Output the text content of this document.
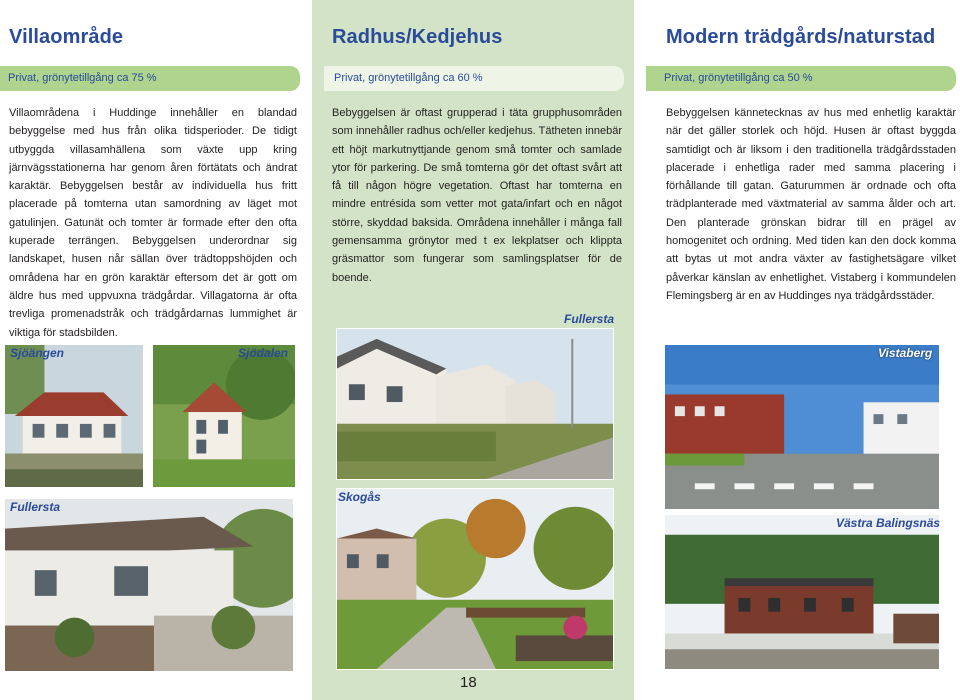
Villaområde
Privat, grönytetillgång ca 75 %

Villaområdena i Huddinge innehåller en blandad bebyggelse med hus från olika tidsperioder. De tidigt utbyggda villasamhällena som växte upp kring järnvägsstationerna har genom åren förtätats och ändrat karaktär. Bebyggelsen består av individuella hus fritt placerade på tomterna utan samordning av läget mot gatulinjen. Gatunät och tomter är formade efter den ofta kuperade terrängen. Bebyggelsen underordnar sig landskapet, husen når sällan över trädtoppshöjden och områdena har en grön karaktär eftersom det är gott om äldre hus med uppvuxna trädgårdar. Villagatorna är ofta trevliga promenadstråk och trädgårdarnas lummighet är viktiga för stadsbilden.

Radhus/Kedjehus
Privat, grönytetillgång ca 60 %

Bebyggelsen är oftast grupperad i täta grupphusområden som innehåller radhus och/eller kedjehus. Tätheten innebär ett höjt markutnyttjande genom små tomter och samlade ytor för parkering. De små tomterna gör det oftast svårt att få till någon högre vegetation. Oftast har tomterna en mindre entrésida som vetter mot gata/infart och en något större, skyddad baksida. Områdena innehåller i många fall gemensamma grönytor med t ex lekplatser och klippta gräsmattor som fungerar som samlingsplatser för de boende.

Modern trädgårds/naturstad
Privat, grönytetillgång ca 50 %

Bebyggelsen kännetecknas av hus med enhetlig karaktär när det gäller storlek och höjd. Husen är oftast byggda samtidigt och är liksom i den traditionella trädgårdsstaden placerade i enhetliga rader med samma placering i förhållande till gatan. Gaturummen är ordnade och ofta trädplanterade med växtmaterial av samma ålder och art. Den planterade grönskan bidrar till en prägel av homogenitet och ordning. Med tiden kan den dock komma att bytas ut mot andra växter av fastighetsägare vilket påverkar känslan av enhetlighet. Vistaberg i kommundelen Flemingsberg är en av Huddinges nya trädgårdsstäder.

Sjöängen	Sjödalen
Fullersta
Fullersta
Skogås
Vistaberg
Västra Balingsnäs
18
